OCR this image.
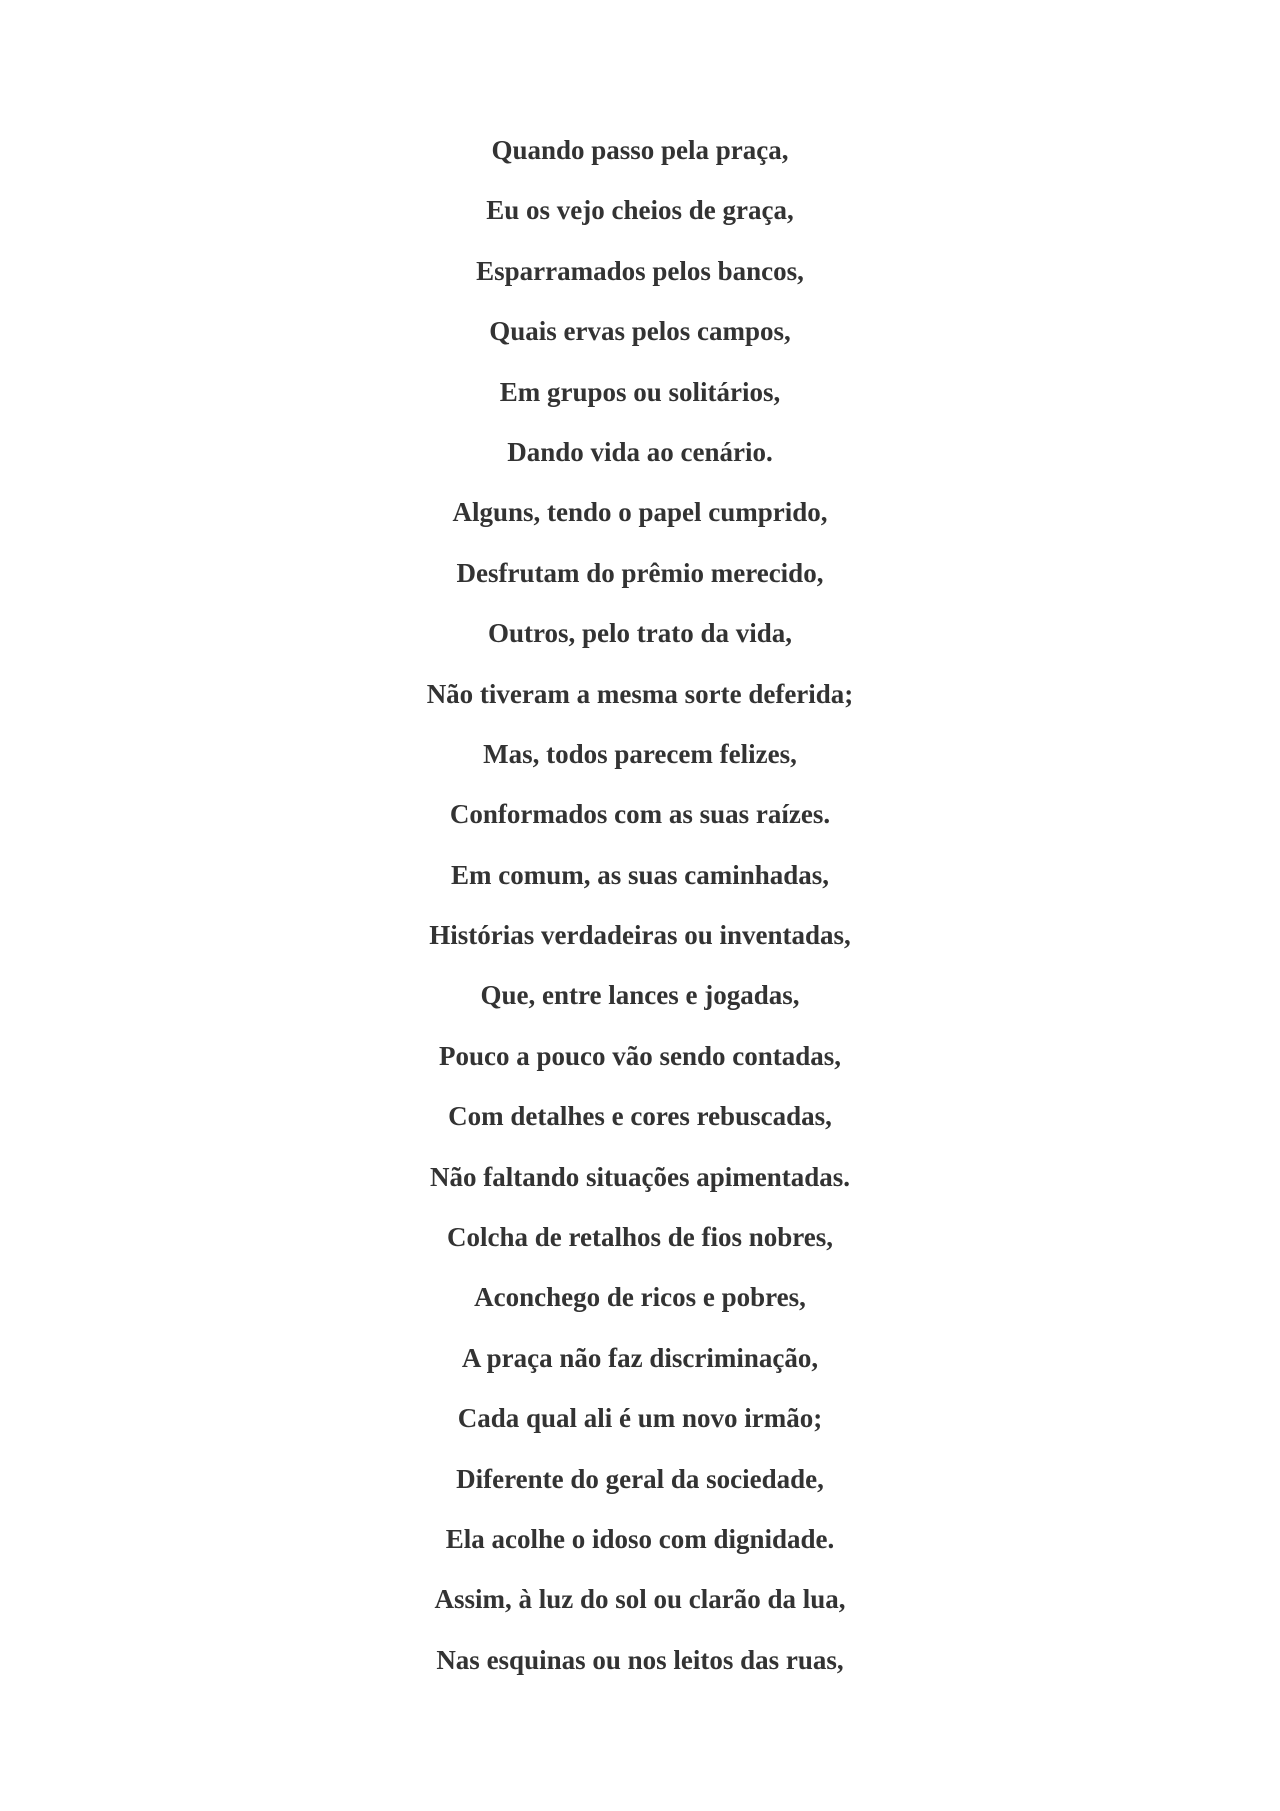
Quando passo pela praça,
Eu os vejo cheios de graça,
Esparramados pelos bancos,
Quais ervas pelos campos,
Em grupos ou solitários,
Dando vida ao cenário.
Alguns, tendo o papel cumprido,
Desfrutam do prêmio merecido,
Outros, pelo trato da vida,
Não tiveram a mesma sorte deferida;
Mas, todos parecem felizes,
Conformados com as suas raízes.
Em comum, as suas caminhadas,
Histórias verdadeiras ou inventadas,
Que, entre lances e jogadas,
Pouco a pouco vão sendo contadas,
Com detalhes e cores rebuscadas,
Não faltando situações apimentadas.
Colcha de retalhos de fios nobres,
Aconchego de ricos e pobres,
A praça não faz discriminação,
Cada qual ali é um novo irmão;
Diferente do geral da sociedade,
Ela acolhe o idoso com dignidade.
Assim, à luz do sol ou clarão da lua,
Nas esquinas ou nos leitos das ruas,
